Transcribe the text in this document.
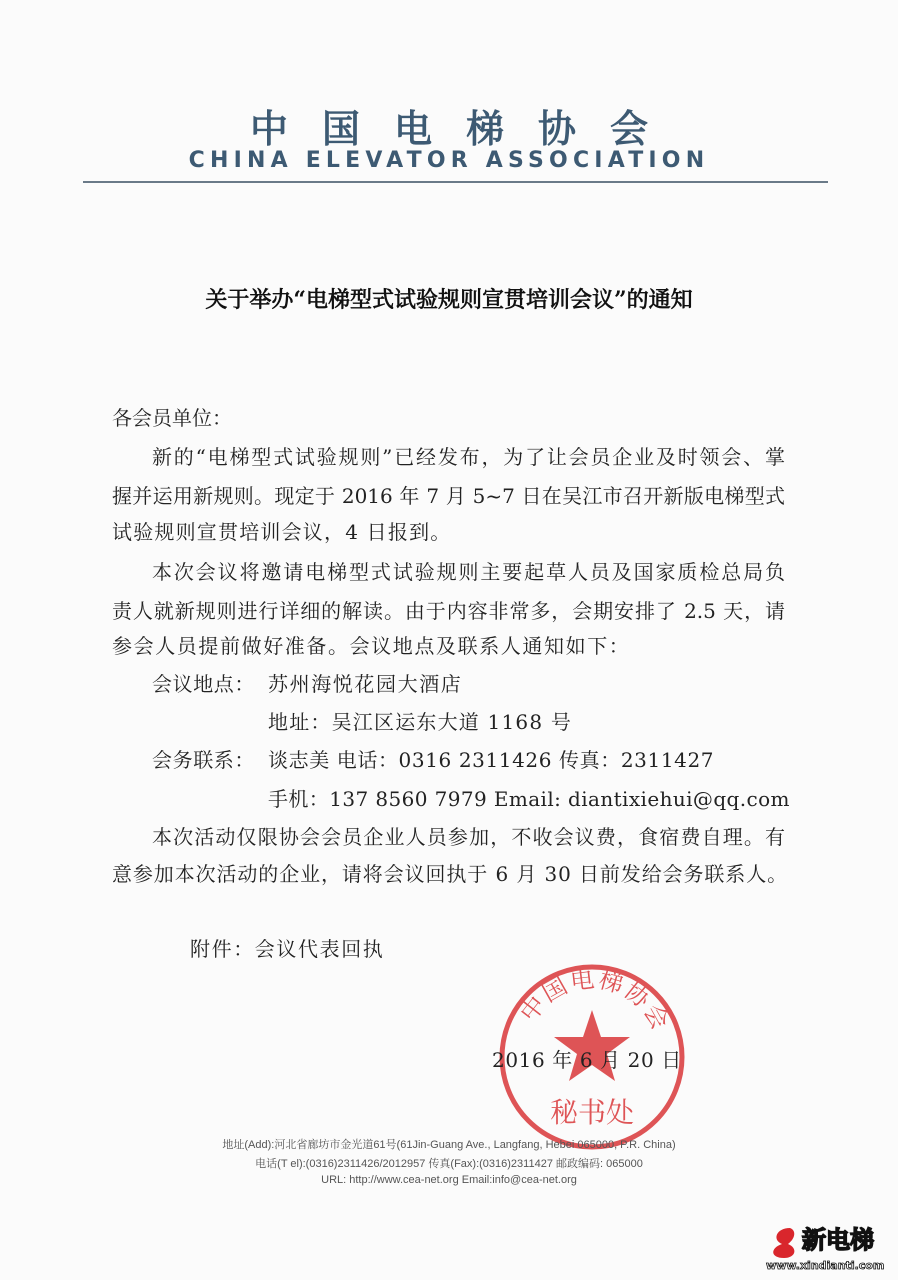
中国电梯协会
CHINA ELEVATOR ASSOCIATION
关于举办“电梯型式试验规则宣贯培训会议”的通知
各会员单位：
新的“电梯型式试验规则”已经发布，为了让会员企业及时领会、掌
握并运用新规则。现定于 2016 年 7 月 5~7 日在吴江市召开新版电梯型式
试验规则宣贯培训会议，4 日报到。
本次会议将邀请电梯型式试验规则主要起草人员及国家质检总局负
责人就新规则进行详细的解读。由于内容非常多，会期安排了 2.5 天，请
参会人员提前做好准备。会议地点及联系人通知如下：
会议地点： 苏州海悦花园大酒店
地址：吴江区运东大道 1168 号
会务联系： 谈志美 电话：0316 2311426 传真：2311427
手机：137 8560 7979 Email: diantixiehui@qq.com
本次活动仅限协会会员企业人员参加，不收会议费，食宿费自理。有
意参加本次活动的企业，请将会议回执于 6 月 30 日前发给会务联系人。
附件：会议代表回执
中国电梯协会
秘书处
2016 年 6 月 20 日
地址(Add):河北省廊坊市金光道61号(61Jin-Guang Ave., Langfang, Hebei 065000, P.R. China)
电话(T el):(0316)2311426/2012957 传真(Fax):(0316)2311427 邮政编码: 065000
URL: http://www.cea-net.org Email:info@cea-net.org
新电梯
www.xindianti.com
